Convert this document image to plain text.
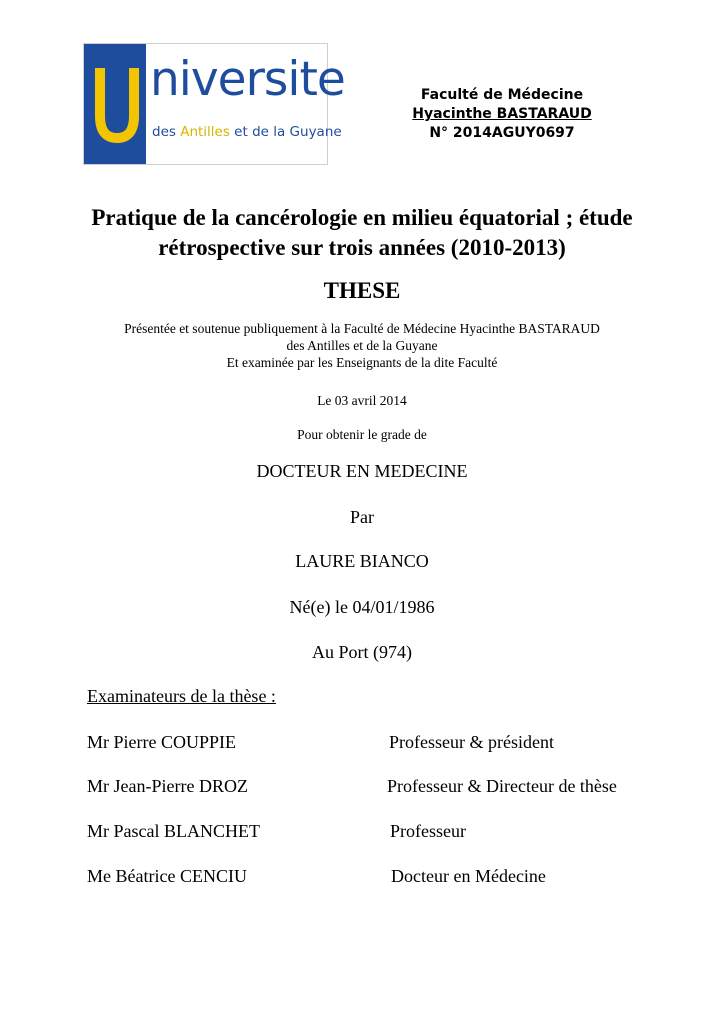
niversite
des Antilles et de la Guyane
Faculté de Médecine
Hyacinthe BASTARAUD
N° 2014AGUY0697
Pratique de la cancérologie en milieu équatorial ; étude
rétrospective sur trois années (2010-2013)
THESE
Présentée et soutenue publiquement à la Faculté de Médecine Hyacinthe BASTARAUD
des Antilles et de la Guyane
Et examinée par les Enseignants de la dite Faculté
Le 03 avril 2014
Pour obtenir le grade de
DOCTEUR EN MEDECINE
Par
LAURE BIANCO
Né(e) le 04/01/1986
Au Port (974)
Examinateurs de la thèse :
Mr Pierre COUPPIE	Professeur & président
Mr Jean-Pierre DROZ	Professeur & Directeur de thèse
Mr Pascal BLANCHET	Professeur
Me Béatrice CENCIU	Docteur en Médecine
